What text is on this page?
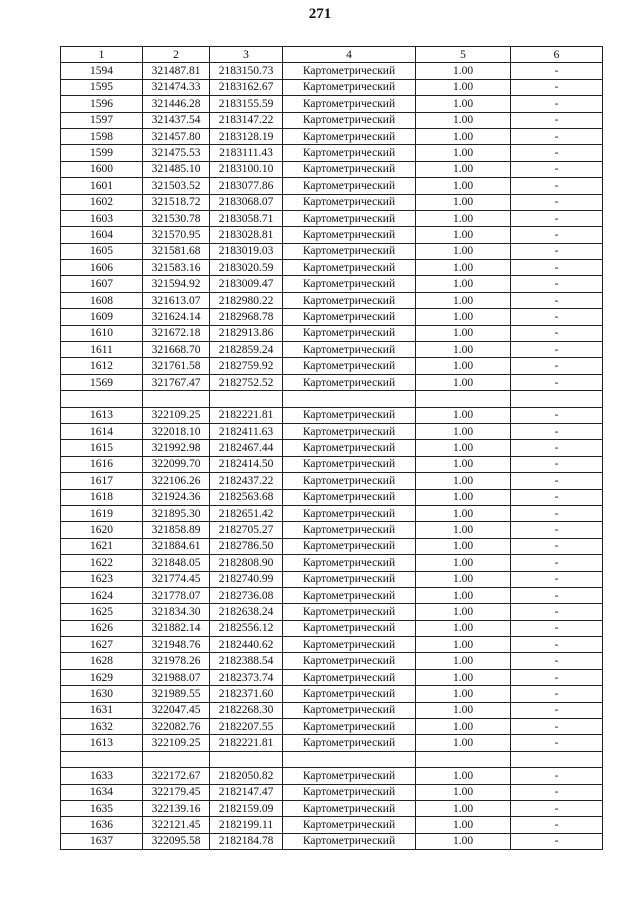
271
1	2	3	4	5	6
1594	321487.81	2183150.73	Картометрический	1.00	-
1595	321474.33	2183162.67	Картометрический	1.00	-
1596	321446.28	2183155.59	Картометрический	1.00	-
1597	321437.54	2183147.22	Картометрический	1.00	-
1598	321457.80	2183128.19	Картометрический	1.00	-
1599	321475.53	2183111.43	Картометрический	1.00	-
1600	321485.10	2183100.10	Картометрический	1.00	-
1601	321503.52	2183077.86	Картометрический	1.00	-
1602	321518.72	2183068.07	Картометрический	1.00	-
1603	321530.78	2183058.71	Картометрический	1.00	-
1604	321570.95	2183028.81	Картометрический	1.00	-
1605	321581.68	2183019.03	Картометрический	1.00	-
1606	321583.16	2183020.59	Картометрический	1.00	-
1607	321594.92	2183009.47	Картометрический	1.00	-
1608	321613.07	2182980.22	Картометрический	1.00	-
1609	321624.14	2182968.78	Картометрический	1.00	-
1610	321672.18	2182913.86	Картометрический	1.00	-
1611	321668.70	2182859.24	Картометрический	1.00	-
1612	321761.58	2182759.92	Картометрический	1.00	-
1569	321767.47	2182752.52	Картометрический	1.00	-

1613	322109.25	2182221.81	Картометрический	1.00	-
1614	322018.10	2182411.63	Картометрический	1.00	-
1615	321992.98	2182467.44	Картометрический	1.00	-
1616	322099.70	2182414.50	Картометрический	1.00	-
1617	322106.26	2182437.22	Картометрический	1.00	-
1618	321924.36	2182563.68	Картометрический	1.00	-
1619	321895.30	2182651.42	Картометрический	1.00	-
1620	321858.89	2182705.27	Картометрический	1.00	-
1621	321884.61	2182786.50	Картометрический	1.00	-
1622	321848.05	2182808.90	Картометрический	1.00	-
1623	321774.45	2182740.99	Картометрический	1.00	-
1624	321778.07	2182736.08	Картометрический	1.00	-
1625	321834.30	2182638.24	Картометрический	1.00	-
1626	321882.14	2182556.12	Картометрический	1.00	-
1627	321948.76	2182440.62	Картометрический	1.00	-
1628	321978.26	2182388.54	Картометрический	1.00	-
1629	321988.07	2182373.74	Картометрический	1.00	-
1630	321989.55	2182371.60	Картометрический	1.00	-
1631	322047.45	2182268.30	Картометрический	1.00	-
1632	322082.76	2182207.55	Картометрический	1.00	-
1613	322109.25	2182221.81	Картометрический	1.00	-

1633	322172.67	2182050.82	Картометрический	1.00	-
1634	322179.45	2182147.47	Картометрический	1.00	-
1635	322139.16	2182159.09	Картометрический	1.00	-
1636	322121.45	2182199.11	Картометрический	1.00	-
1637	322095.58	2182184.78	Картометрический	1.00	-
